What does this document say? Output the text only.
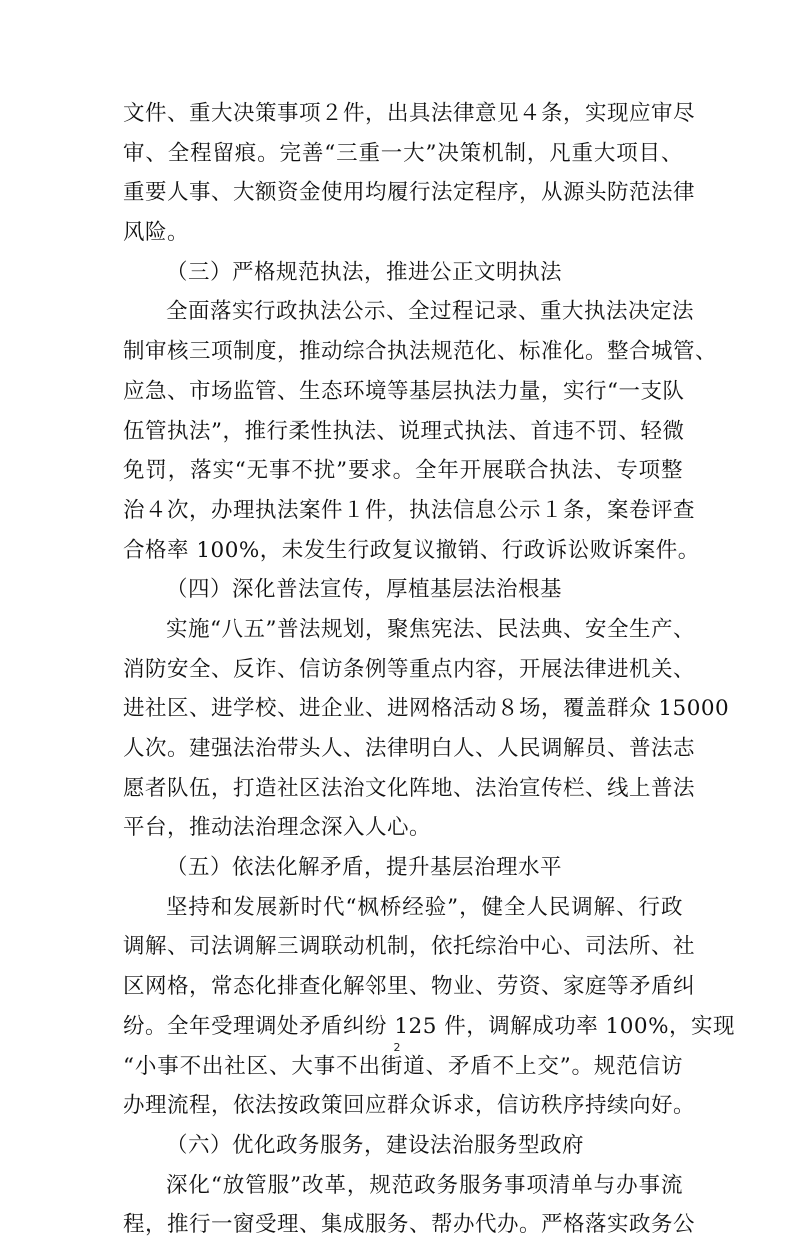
文件、重大决策事项２件，出具法律意见４条，实现应审尽
审、全程留痕。完善“三重一大”决策机制，凡重大项目、
重要人事、大额资金使用均履行法定程序，从源头防范法律
风险。
（三）严格规范执法，推进公正文明执法
全面落实行政执法公示、全过程记录、重大执法决定法
制审核三项制度，推动综合执法规范化、标准化。整合城管、
应急、市场监管、生态环境等基层执法力量，实行“一支队
伍管执法”，推行柔性执法、说理式执法、首违不罚、轻微
免罚，落实“无事不扰”要求。全年开展联合执法、专项整
治４次，办理执法案件１件，执法信息公示１条，案卷评查
合格率 100%，未发生行政复议撤销、行政诉讼败诉案件。
（四）深化普法宣传，厚植基层法治根基
实施“八五”普法规划，聚焦宪法、民法典、安全生产、
消防安全、反诈、信访条例等重点内容，开展法律进机关、
进社区、进学校、进企业、进网格活动８场，覆盖群众 15000
人次。建强法治带头人、法律明白人、人民调解员、普法志
愿者队伍，打造社区法治文化阵地、法治宣传栏、线上普法
平台，推动法治理念深入人心。
（五）依法化解矛盾，提升基层治理水平
坚持和发展新时代“枫桥经验”，健全人民调解、行政
调解、司法调解三调联动机制，依托综治中心、司法所、社
区网格，常态化排查化解邻里、物业、劳资、家庭等矛盾纠
纷。全年受理调处矛盾纠纷 125 件，调解成功率 100%，实现
“小事不出社区、大事不出街道、矛盾不上交”。规范信访
办理流程，依法按政策回应群众诉求，信访秩序持续向好。
（六）优化政务服务，建设法治服务型政府
深化“放管服”改革，规范政务服务事项清单与办事流
程，推行一窗受理、集成服务、帮办代办。严格落实政务公
2
